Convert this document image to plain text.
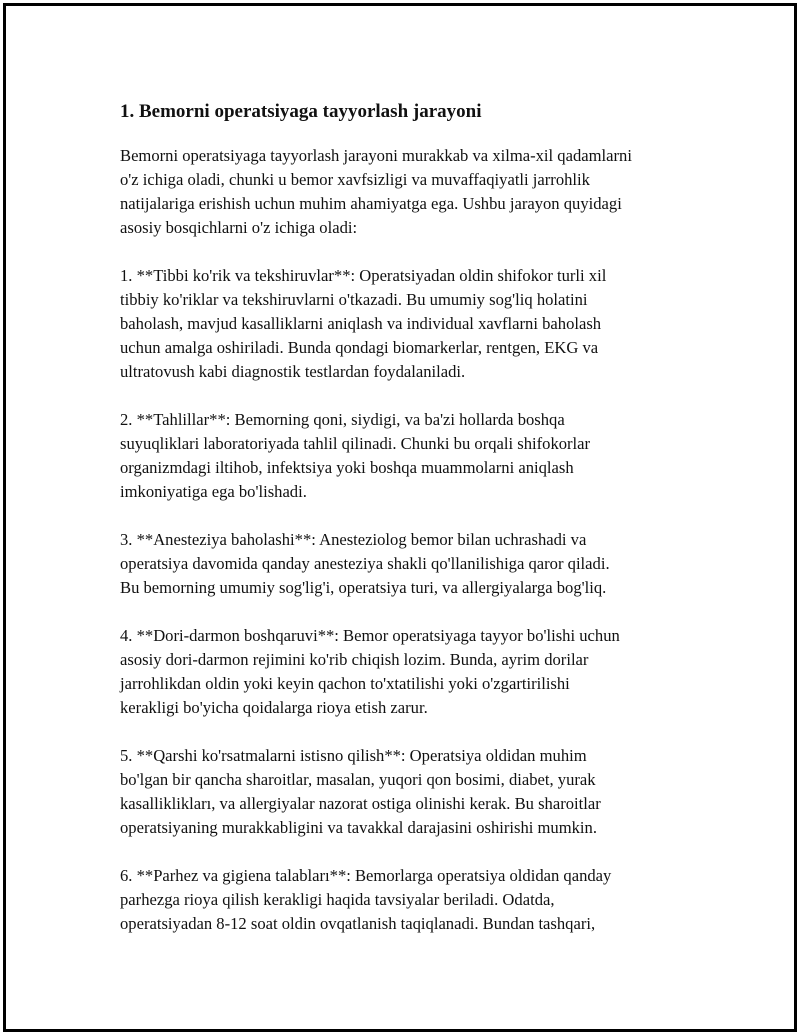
1. Bemorni operatsiyaga tayyorlash jarayoni

Bemorni operatsiyaga tayyorlash jarayoni murakkab va xilma-xil qadamlarni
o'z ichiga oladi, chunki u bemor xavfsizligi va muvaffaqiyatli jarrohlik
natijalariga erishish uchun muhim ahamiyatga ega. Ushbu jarayon quyidagi
asosiy bosqichlarni o'z ichiga oladi:

1. **Tibbi ko'rik va tekshiruvlar**: Operatsiyadan oldin shifokor turli xil
tibbiy ko'riklar va tekshiruvlarni o'tkazadi. Bu umumiy sog'liq holatini
baholash, mavjud kasalliklarni aniqlash va individual xavflarni baholash
uchun amalga oshiriladi. Bunda qondagi biomarkerlar, rentgen, EKG va
ultratovush kabi diagnostik testlardan foydalaniladi.

2. **Tahlillar**: Bemorning qoni, siydigi, va ba'zi hollarda boshqa
suyuqliklari laboratoriyada tahlil qilinadi. Chunki bu orqali shifokorlar
organizmdagi iltihob, infektsiya yoki boshqa muammolarni aniqlash
imkoniyatiga ega bo'lishadi.

3. **Anesteziya baholashi**: Anesteziolog bemor bilan uchrashadi va
operatsiya davomida qanday anesteziya shakli qo'llanilishiga qaror qiladi.
Bu bemorning umumiy sog'lig'i, operatsiya turi, va allergiyalarga bog'liq.

4. **Dori-darmon boshqaruvi**: Bemor operatsiyaga tayyor bo'lishi uchun
asosiy dori-darmon rejimini ko'rib chiqish lozim. Bunda, ayrim dorilar
jarrohlikdan oldin yoki keyin qachon to'xtatilishi yoki o'zgartirilishi
kerakligi bo'yicha qoidalarga rioya etish zarur.

5. **Qarshi ko'rsatmalarni istisno qilish**: Operatsiya oldidan muhim
bo'lgan bir qancha sharoitlar, masalan, yuqori qon bosimi, diabet, yurak
kasalliklikları, va allergiyalar nazorat ostiga olinishi kerak. Bu sharoitlar
operatsiyaning murakkabligini va tavakkal darajasini oshirishi mumkin.

6. **Parhez va gigiena talabları**: Bemorlarga operatsiya oldidan qanday
parhezga rioya qilish kerakligi haqida tavsiyalar beriladi. Odatda,
operatsiyadan 8-12 soat oldin ovqatlanish taqiqlanadi. Bundan tashqari,
